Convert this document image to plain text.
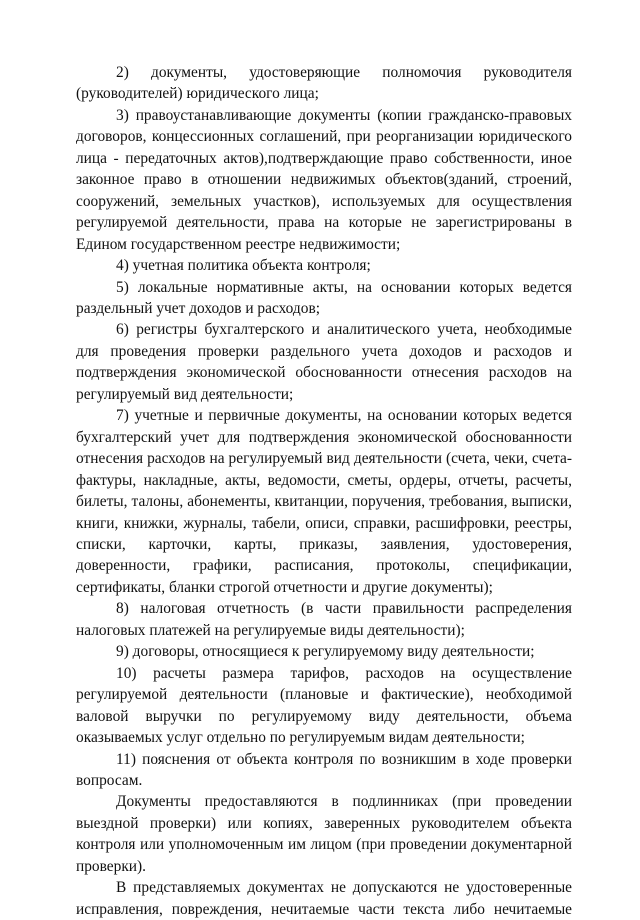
2) документы, удостоверяющие полномочия руководителя (руководителей) юридического лица;

3) правоустанавливающие документы (копии гражданско-правовых договоров, концессионных соглашений, при реорганизации юридического лица - передаточных актов),подтверждающие право собственности, иное законное право в отношении недвижимых объектов(зданий, строений, сооружений, земельных участков), используемых для осуществления регулируемой деятельности, права на которые не зарегистрированы в Едином государственном реестре недвижимости;

4) учетная политика объекта контроля;

5) локальные нормативные акты, на основании которых ведется раздельный учет доходов и расходов;

6) регистры бухгалтерского и аналитического учета, необходимые для проведения проверки раздельного учета доходов и расходов и подтверждения экономической обоснованности отнесения расходов на регулируемый вид деятельности;

7) учетные и первичные документы, на основании которых ведется бухгалтерский учет для подтверждения экономической обоснованности отнесения расходов на регулируемый вид деятельности (счета, чеки, счета-фактуры, накладные, акты, ведомости, сметы, ордеры, отчеты, расчеты, билеты, талоны, абонементы, квитанции, поручения, требования, выписки, книги, книжки, журналы, табели, описи, справки, расшифровки, реестры, списки, карточки, карты, приказы, заявления, удостоверения, доверенности, графики, расписания, протоколы, спецификации, сертификаты, бланки строгой отчетности и другие документы);

8) налоговая отчетность (в части правильности распределения налоговых платежей на регулируемые виды деятельности);

9) договоры, относящиеся к регулируемому виду деятельности;

10) расчеты размера тарифов, расходов на осуществление регулируемой деятельности (плановые и фактические), необходимой валовой выручки по регулируемому виду деятельности, объема оказываемых услуг отдельно по регулируемым видам деятельности;

11) пояснения от объекта контроля по возникшим в ходе проверки вопросам.

Документы предоставляются в подлинниках (при проведении выездной проверки) или копиях, заверенных руководителем объекта контроля или уполномоченным им лицом (при проведении документарной проверки).

В представляемых документах не допускаются не удостоверенные исправления, повреждения, нечитаемые части текста либо нечитаемые
